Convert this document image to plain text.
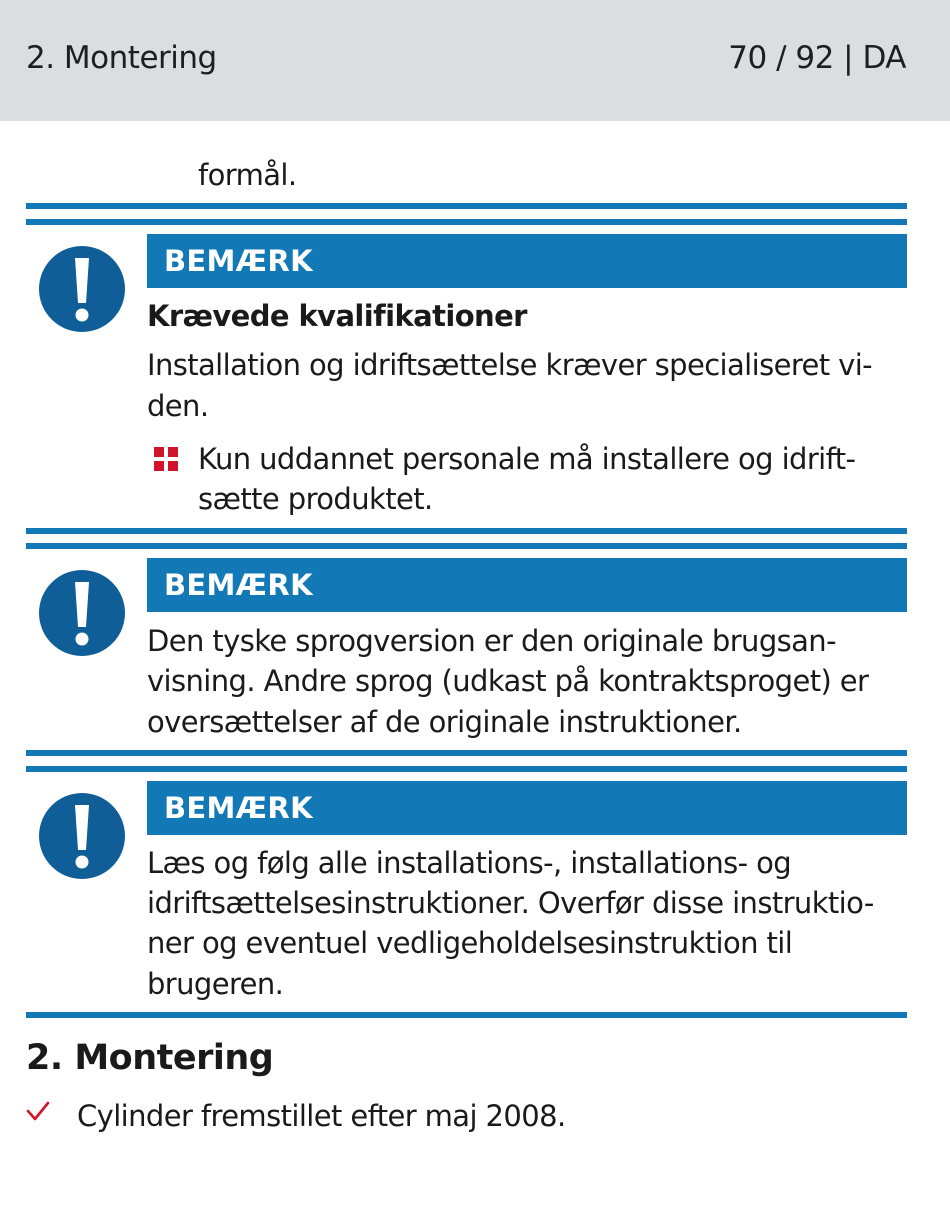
2. Montering	70 / 92 | DA
formål.
BEMÆRK
Krævede kvalifikationer
Installation og idriftsættelse kræver specialiseret vi-
den.
Kun uddannet personale må installere og idrift-
sætte produktet.
BEMÆRK
Den tyske sprogversion er den originale brugsan-
visning. Andre sprog (udkast på kontraktsproget) er
oversættelser af de originale instruktioner.
BEMÆRK
Læs og følg alle installations-, installations- og
idriftsættelsesinstruktioner. Overfør disse instruktio-
ner og eventuel vedligeholdelsesinstruktion til
brugeren.
2. Montering
Cylinder fremstillet efter maj 2008.
